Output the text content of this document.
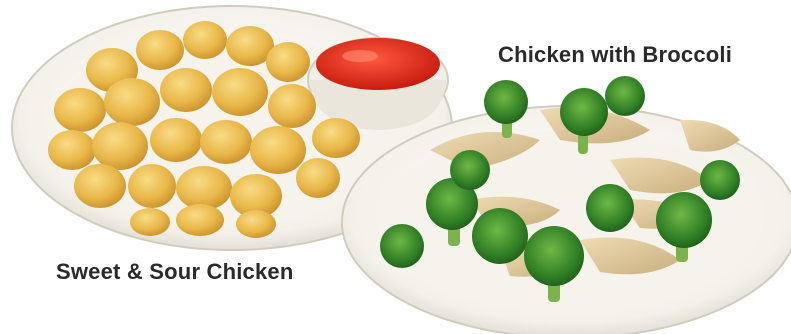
Chicken with Broccoli
Sweet & Sour Chicken
